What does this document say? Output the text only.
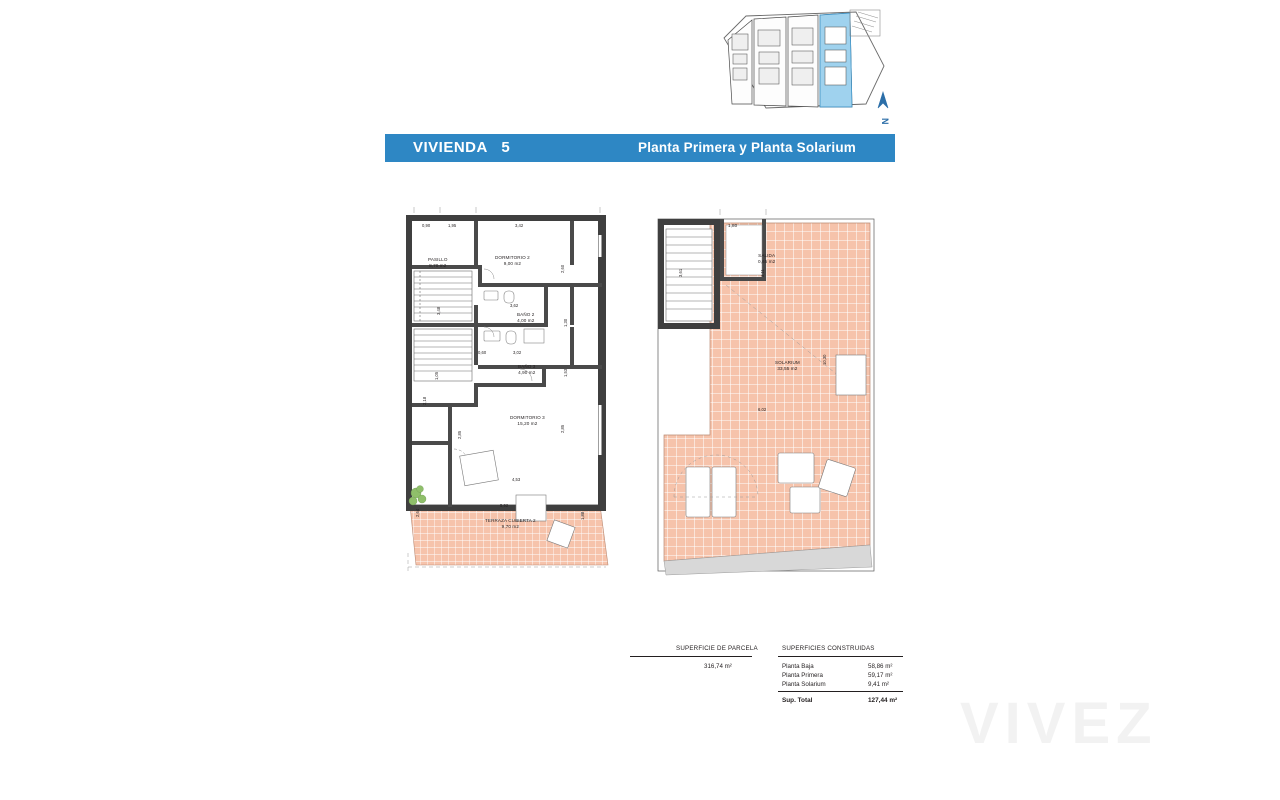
N
VIVIENDA 5	Planta Primera y Planta Solarium
PASILLO
8,70 m2
DORMITORIO 2
9,00 m2
BAÑO 2
4,00 m2
BAÑO 3
4,90 m2
DORMITORIO 3
15,20 m2
TERRAZA CUBIERTA 2
9,70 m2
0,90	1,95	3,42
2,60
3,48
3,62
1,30
0,60	3,02
1,53
1,05
2,18
2,85
2,85
4,53
5,92
2,64	1,88
1,80
SALIDA
0,65 m2
SOLARIUM
33,55 m2
3,61	3,11
10,30
6,02
SUPERFICIE DE PARCELA
316,74 m²
SUPERFICIES CONSTRUIDAS
Planta Baja	58,86 m²
Planta Primera	59,17 m²
Planta Solarium	9,41 m²
Sup. Total	127,44 m² VIVEZ
